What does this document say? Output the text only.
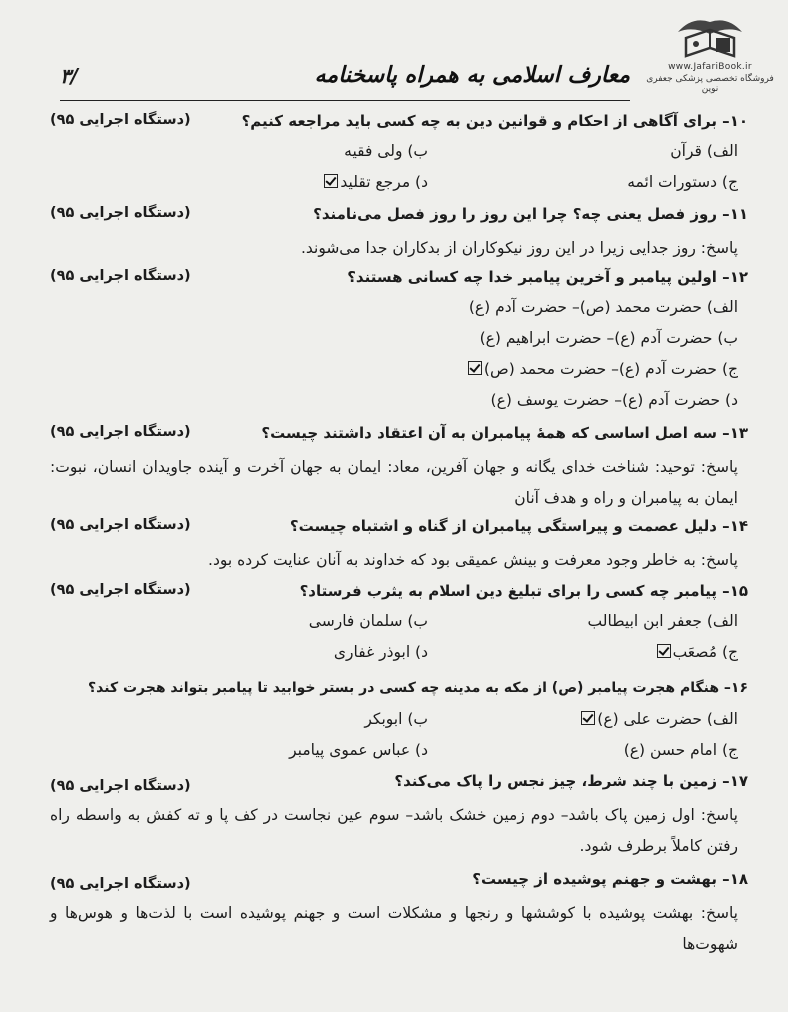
www.JafariBook.ir
فروشگاه تخصصی پزشکی جعفری نوین
معارف اسلامی به همراه پاسخنامه
۳/
۱۰– برای آگاهی از احکام و قوانین دین به چه کسی باید مراجعه کنیم؟
(دستگاه اجرایی ۹۵)
الف) قرآن
ب) ولی فقیه
ج) دستورات ائمه
د) مرجع تقلید
۱۱– روز فصل یعنی چه؟ چرا این روز را روز فصل می‌نامند؟
(دستگاه اجرایی ۹۵)
پاسخ: روز جدایی زیرا در این روز نیکوکاران از بدکاران جدا می‌شوند.
۱۲– اولین پیامبر و آخرین پیامبر خدا چه کسانی هستند؟
(دستگاه اجرایی ۹۵)
الف) حضرت محمد (ص)– حضرت آدم (ع)
ب) حضرت آدم (ع)– حضرت ابراهیم (ع)
ج) حضرت آدم (ع)– حضرت محمد (ص)
د) حضرت آدم (ع)– حضرت یوسف (ع)
۱۳– سه اصل اساسی که همهٔ پیامبران به آن اعتقاد داشتند چیست؟
(دستگاه اجرایی ۹۵)
پاسخ: توحید: شناخت خدای یگانه و جهان آفرین، معاد: ایمان به جهان آخرت و آینده جاویدان انسان، نبوت: ایمان به پیامبران و راه و هدف آنان
۱۴– دلیل عصمت و پیراستگی پیامبران از گناه و اشتباه چیست؟
(دستگاه اجرایی ۹۵)
پاسخ: به خاطر وجود معرفت و بینش عمیقی بود که خداوند به آنان عنایت کرده بود.
۱۵– پیامبر چه کسی را برای تبلیغ دین اسلام به یثرب فرستاد؟
(دستگاه اجرایی ۹۵)
الف) جعفر ابن ابیطالب
ب) سلمان فارسی
ج) مُصعَب
د) ابوذر غفاری
۱۶– هنگام هجرت پیامبر (ص) از مکه به مدینه چه کسی در بستر خوابید تا پیامبر بتواند هجرت کند؟
الف) حضرت علی (ع)
ب) ابوبکر
ج) امام حسن (ع)
د) عباس عموی پیامبر
۱۷– زمین با چند شرط، چیز نجس را پاک می‌کند؟
(دستگاه اجرایی ۹۵)
پاسخ: اول زمین پاک باشد– دوم زمین خشک باشد– سوم عین نجاست در کف پا و ته کفش به واسطه راه رفتن کاملاً برطرف شود.
۱۸– بهشت و جهنم پوشیده از چیست؟
(دستگاه اجرایی ۹۵)
پاسخ: بهشت پوشیده با کوششها و رنجها و مشکلات است و جهنم پوشیده است با لذت‌ها و هوس‌ها و شهوت‌ها
